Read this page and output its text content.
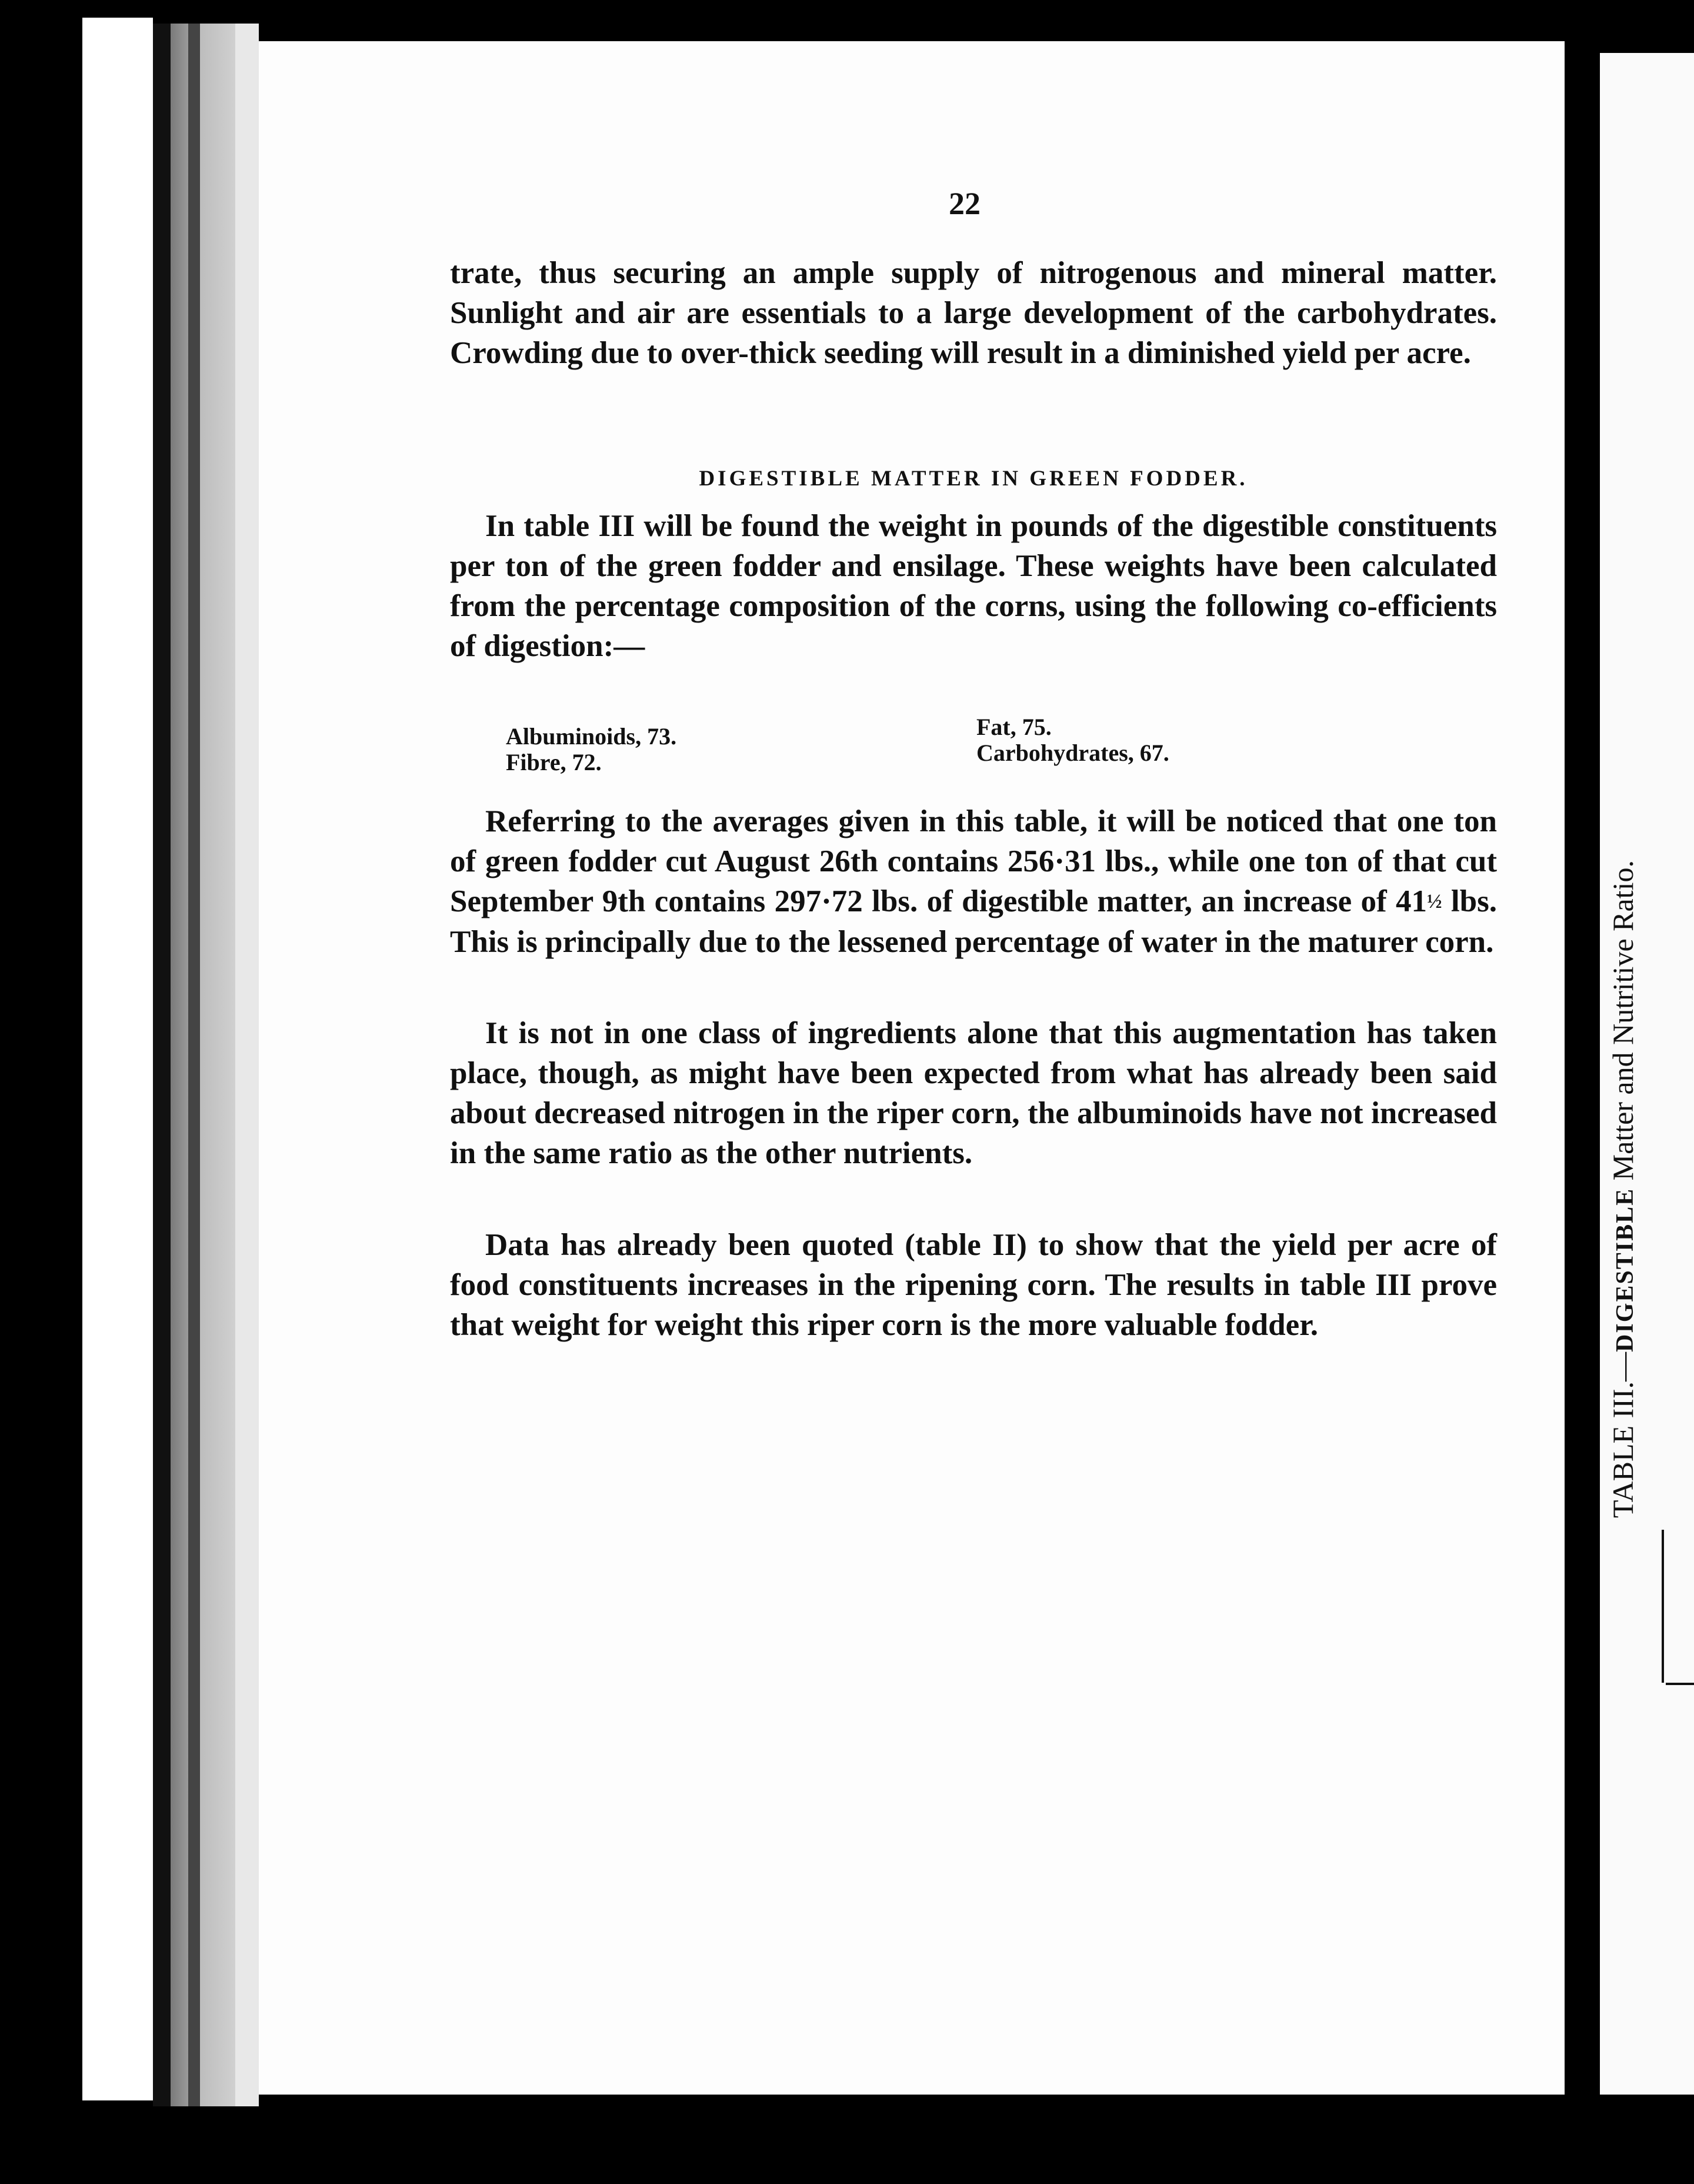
22
trate, thus securing an ample supply of nitrogenous and mineral matter. Sunlight and air are essentials to a large development of the carbohydrates. Crowding due to over-thick seeding will result in a diminished yield per acre.
DIGESTIBLE MATTER IN GREEN FODDER.
In table III will be found the weight in pounds of the digestible constituents per ton of the green fodder and ensilage. These weights have been calculated from the percentage composition of the corns, using the following co-efficients of digestion:—
Albuminoids, 73.
Fibre, 72.
Fat, 75.
Carbohydrates, 67.
Referring to the averages given in this table, it will be noticed that one ton of green fodder cut August 26th contains 256·31 lbs., while one ton of that cut September 9th contains 297·72 lbs. of digestible matter, an increase of 41½ lbs. This is principally due to the lessened percentage of water in the maturer corn.
It is not in one class of ingredients alone that this augmentation has taken place, though, as might have been expected from what has already been said about decreased nitrogen in the riper corn, the albuminoids have not increased in the same ratio as the other nutrients.
Data has already been quoted (table II) to show that the yield per acre of food constituents increases in the ripening corn. The results in table III prove that weight for weight this riper corn is the more valuable fodder.
TABLE III.—DIGESTIBLE Matter and Nutritive Ratio.
